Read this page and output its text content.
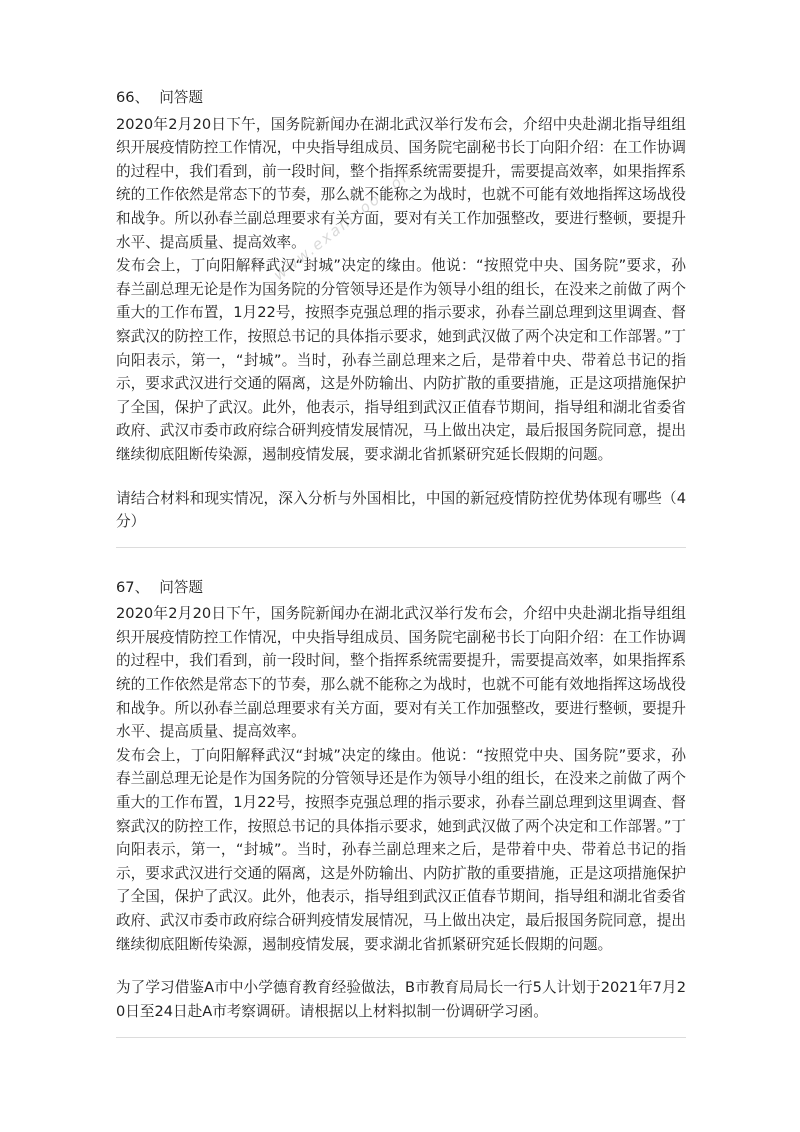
66、 问答题

2020年2月20日下午，国务院新闻办在湖北武汉举行发布会，介绍中央赴湖北指导组组织开展疫情防控工作情况，中央指导组成员、国务院宅副秘书长丁向阳介绍：在工作协调的过程中，我们看到，前一段时间，整个指挥系统需要提升，需要提高效率，如果指挥系统的工作依然是常态下的节奏，那么就不能称之为战时，也就不可能有效地指挥这场战役和战争。所以孙春兰副总理要求有关方面，要对有关工作加强整改，要进行整顿，要提升水平、提高质量、提高效率。

发布会上，丁向阳解释武汉“封城”决定的缘由。他说：“按照党中央、国务院”要求，孙春兰副总理无论是作为国务院的分管领导还是作为领导小组的组长，在没来之前做了两个重大的工作布置，1月22号，按照李克强总理的指示要求，孙春兰副总理到这里调查、督察武汉的防控工作，按照总书记的具体指示要求，她到武汉做了两个决定和工作部署。”丁向阳表示，第一，“封城”。当时，孙春兰副总理来之后，是带着中央、带着总书记的指示，要求武汉进行交通的隔离，这是外防输出、内防扩散的重要措施，正是这项措施保护了全国，保护了武汉。此外，他表示，指导组到武汉正值春节期间，指导组和湖北省委省政府、武汉市委市政府综合研判疫情发展情况，马上做出决定，最后报国务院同意，提出继续彻底阻断传染源，遏制疫情发展，要求湖北省抓紧研究延长假期的问题。

请结合材料和现实情况，深入分析与外国相比，中国的新冠疫情防控优势体现有哪些（4分）

67、 问答题

2020年2月20日下午，国务院新闻办在湖北武汉举行发布会，介绍中央赴湖北指导组组织开展疫情防控工作情况，中央指导组成员、国务院宅副秘书长丁向阳介绍：在工作协调的过程中，我们看到，前一段时间，整个指挥系统需要提升，需要提高效率，如果指挥系统的工作依然是常态下的节奏，那么就不能称之为战时，也就不可能有效地指挥这场战役和战争。所以孙春兰副总理要求有关方面，要对有关工作加强整改，要进行整顿，要提升水平、提高质量、提高效率。

发布会上，丁向阳解释武汉“封城”决定的缘由。他说：“按照党中央、国务院”要求，孙春兰副总理无论是作为国务院的分管领导还是作为领导小组的组长，在没来之前做了两个重大的工作布置，1月22号，按照李克强总理的指示要求，孙春兰副总理到这里调查、督察武汉的防控工作，按照总书记的具体指示要求，她到武汉做了两个决定和工作部署。”丁向阳表示，第一，“封城”。当时，孙春兰副总理来之后，是带着中央、带着总书记的指示，要求武汉进行交通的隔离，这是外防输出、内防扩散的重要措施，正是这项措施保护了全国，保护了武汉。此外，他表示，指导组到武汉正值春节期间，指导组和湖北省委省政府、武汉市委市政府综合研判疫情发展情况，马上做出决定，最后报国务院同意，提出继续彻底阻断传染源，遏制疫情发展，要求湖北省抓紧研究延长假期的问题。

为了学习借鉴A市中小学德育教育经验做法，B市教育局局长一行5人计划于2021年7月20日至24日赴A市考察调研。请根据以上材料拟制一份调研学习函。

www.examcoo.com
